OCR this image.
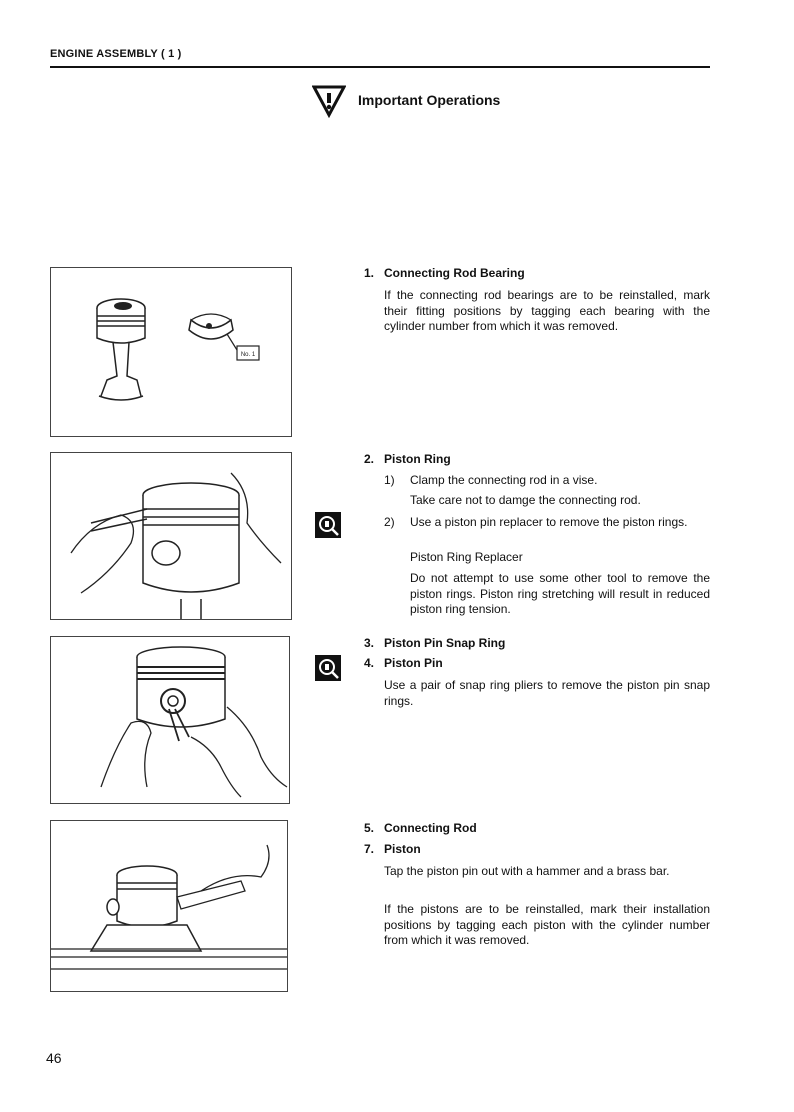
ENGINE ASSEMBLY ( 1 )
Important Operations
No. 1
1. Connecting Rod Bearing
If the connecting rod bearings are to be reinstalled, mark their fitting positions by tagging each bearing with the cylinder number from which it was removed.
2. Piston Ring
1) Clamp the connecting rod in a vise.
Take care not to damge the connecting rod.
2)	Use a piston pin replacer to remove the piston rings.
Piston Ring Replacer
Do not attempt to use some other tool to remove the piston rings. Piston ring stretching will result in reduced piston ring tension.
3. Piston Pin Snap Ring
4. Piston Pin
Use a pair of snap ring pliers to remove the piston pin snap rings.
5. Connecting Rod
7. Piston
Tap the piston pin out with a hammer and a brass bar.
If the pistons are to be reinstalled, mark their installation positions by tagging each piston with the cylinder number from which it was removed.
46
